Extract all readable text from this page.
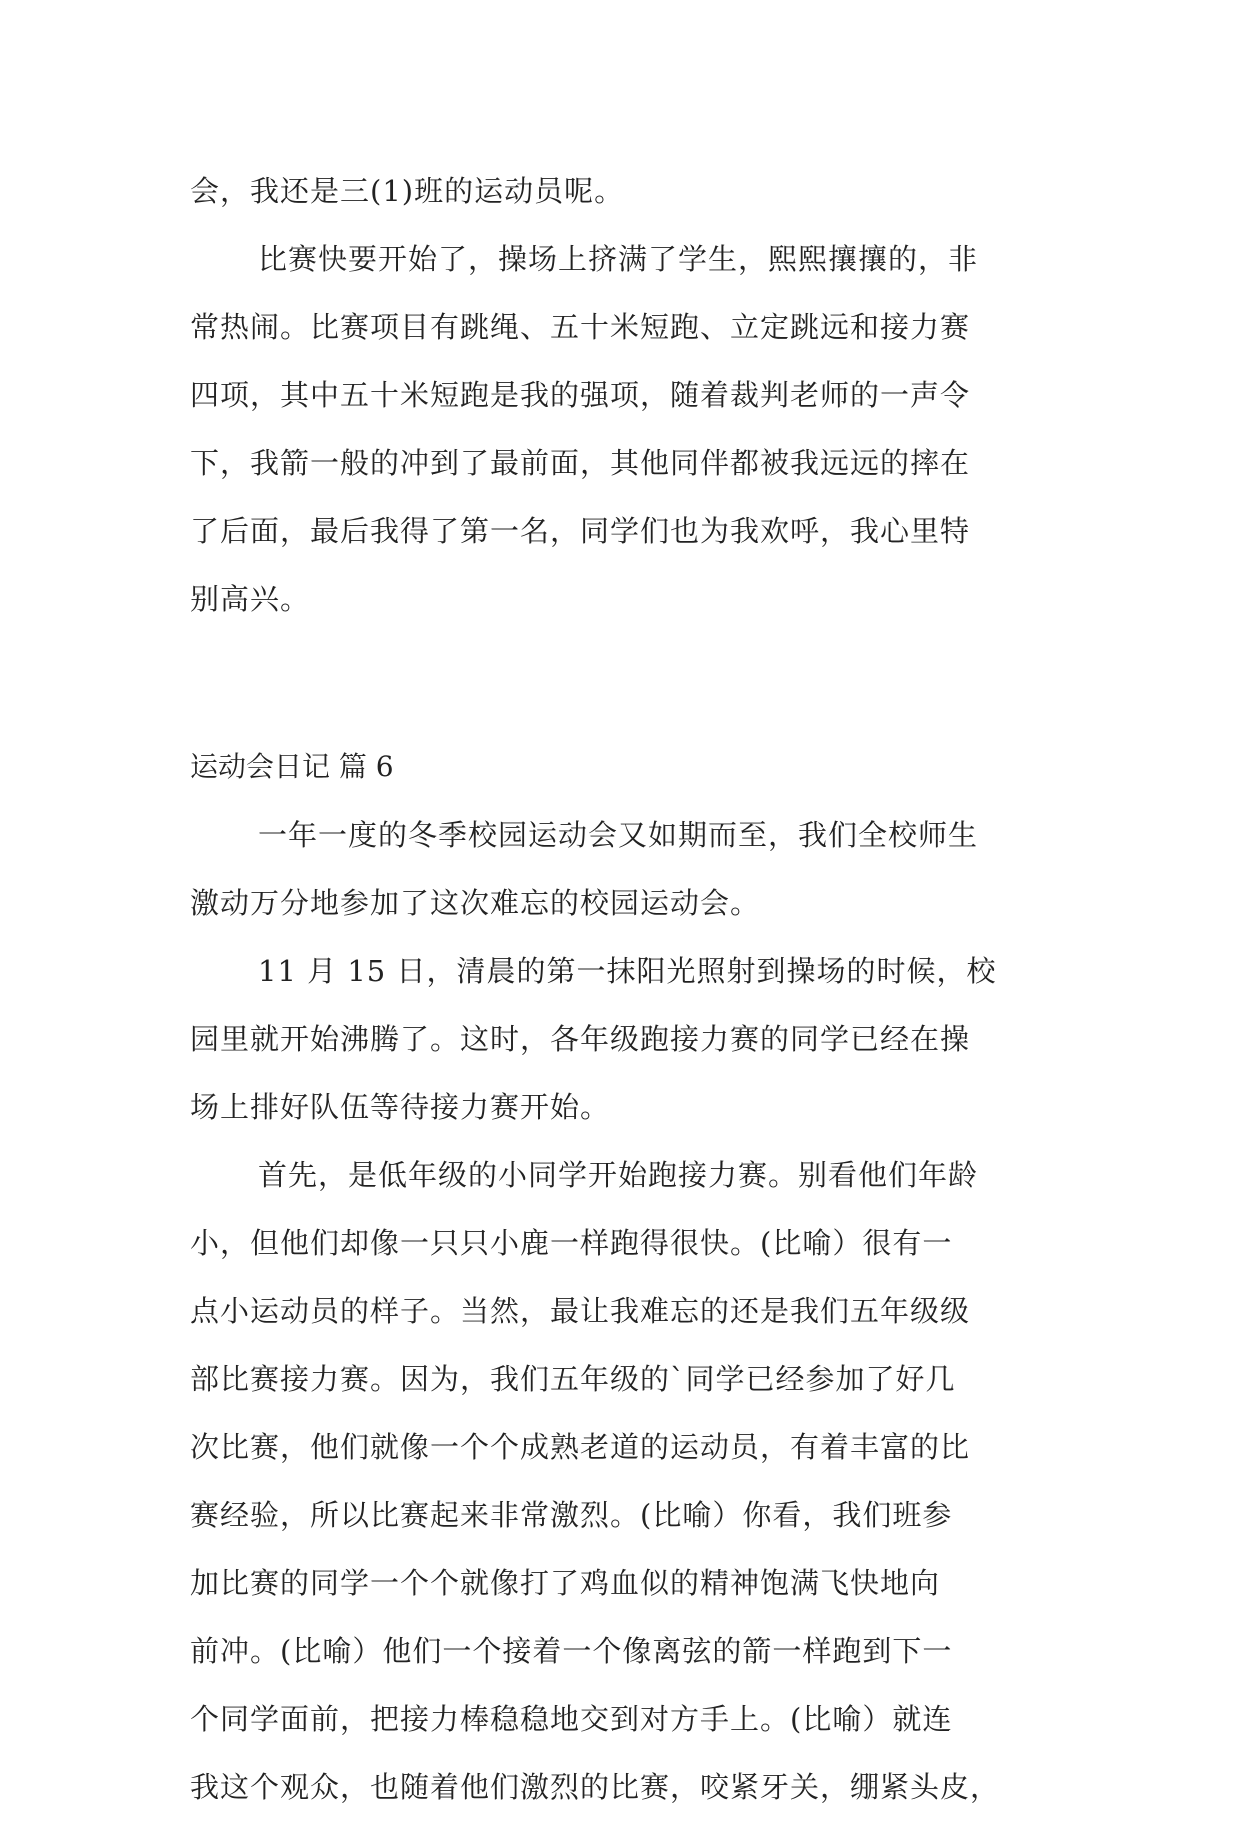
会，我还是三(1)班的运动员呢。
比赛快要开始了，操场上挤满了学生，熙熙攘攘的，非
常热闹。比赛项目有跳绳、五十米短跑、立定跳远和接力赛
四项，其中五十米短跑是我的强项，随着裁判老师的一声令
下，我箭一般的冲到了最前面，其他同伴都被我远远的摔在
了后面，最后我得了第一名，同学们也为我欢呼，我心里特
别高兴。
运动会日记 篇 6
一年一度的冬季校园运动会又如期而至，我们全校师生
激动万分地参加了这次难忘的校园运动会。
11 月 15 日，清晨的第一抹阳光照射到操场的时候，校
园里就开始沸腾了。这时，各年级跑接力赛的同学已经在操
场上排好队伍等待接力赛开始。
首先，是低年级的小同学开始跑接力赛。别看他们年龄
小，但他们却像一只只小鹿一样跑得很快。(比喻）很有一
点小运动员的样子。当然，最让我难忘的还是我们五年级级
部比赛接力赛。因为，我们五年级的`同学已经参加了好几
次比赛，他们就像一个个成熟老道的运动员，有着丰富的比
赛经验，所以比赛起来非常激烈。(比喻）你看，我们班参
加比赛的同学一个个就像打了鸡血似的精神饱满飞快地向
前冲。(比喻）他们一个接着一个像离弦的箭一样跑到下一
个同学面前，把接力棒稳稳地交到对方手上。(比喻）就连
我这个观众，也随着他们激烈的比赛，咬紧牙关，绷紧头皮，
